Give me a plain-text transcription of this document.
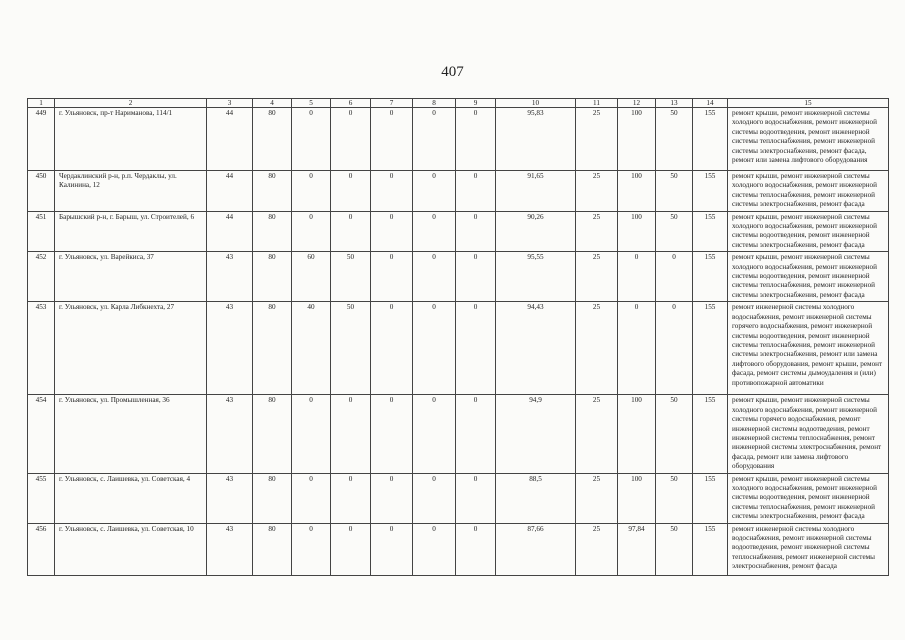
407
1	2	3	4	5	6	7	8	9	10	11	12	13	14	15
449	г. Ульяновск, пр-т Нариманова, 114/1	44	80	0	0	0	0	0	95,83	25	100	50	155	ремонт крыши, ремонт инженерной системы холодного водоснабжения, ремонт инженерной системы водоотведения, ремонт инженерной системы теплоснабжения, ремонт инженерной системы электроснабжения, ремонт фасада, ремонт или замена лифтового оборудования
450	Чердаклинский р-н, р.п. Чердаклы, ул. Калинина, 12	44	80	0	0	0	0	0	91,65	25	100	50	155	ремонт крыши, ремонт инженерной системы холодного водоснабжения, ремонт инженерной системы теплоснабжения, ремонт инженерной системы электроснабжения, ремонт фасада
451	Барышский р-н, г. Барыш, ул. Строителей, 6	44	80	0	0	0	0	0	90,26	25	100	50	155	ремонт крыши, ремонт инженерной системы холодного водоснабжения, ремонт инженерной системы водоотведения, ремонт инженерной системы электроснабжения, ремонт фасада
452	г. Ульяновск, ул. Варейкиса, 37	43	80	60	50	0	0	0	95,55	25	0	0	155	ремонт крыши, ремонт инженерной системы холодного водоснабжения, ремонт инженерной системы водоотведения, ремонт инженерной системы теплоснабжения, ремонт инженерной системы электроснабжения, ремонт фасада
453	г. Ульяновск, ул. Карла Либкнехта, 27	43	80	40	50	0	0	0	94,43	25	0	0	155	ремонт инженерной системы холодного водоснабжения, ремонт инженерной системы горячего водоснабжения, ремонт инженерной системы водоотведения, ремонт инженерной системы теплоснабжения, ремонт инженерной системы электроснабжения, ремонт или замена лифтового оборудования, ремонт крыши, ремонт фасада, ремонт системы дымоудаления и (или) противопожарной автоматики
454	г. Ульяновск, ул. Промышленная, 36	43	80	0	0	0	0	0	94,9	25	100	50	155	ремонт крыши, ремонт инженерной системы холодного водоснабжения, ремонт инженерной системы горячего водоснабжения, ремонт инженерной системы водоотведения, ремонт инженерной системы теплоснабжения, ремонт инженерной системы электроснабжения, ремонт фасада, ремонт или замена лифтового оборудования
455	г. Ульяновск, с. Лаишевка, ул. Советская, 4	43	80	0	0	0	0	0	88,5	25	100	50	155	ремонт крыши, ремонт инженерной системы холодного водоснабжения, ремонт инженерной системы водоотведения, ремонт инженерной системы теплоснабжения, ремонт инженерной системы электроснабжения, ремонт фасада
456	г. Ульяновск, с. Лаишевка, ул. Советская, 10	43	80	0	0	0	0	0	87,66	25	97,84	50	155	ремонт инженерной системы холодного водоснабжения, ремонт инженерной системы водоотведения, ремонт инженерной системы теплоснабжения, ремонт инженерной системы электроснабжения, ремонт фасада
